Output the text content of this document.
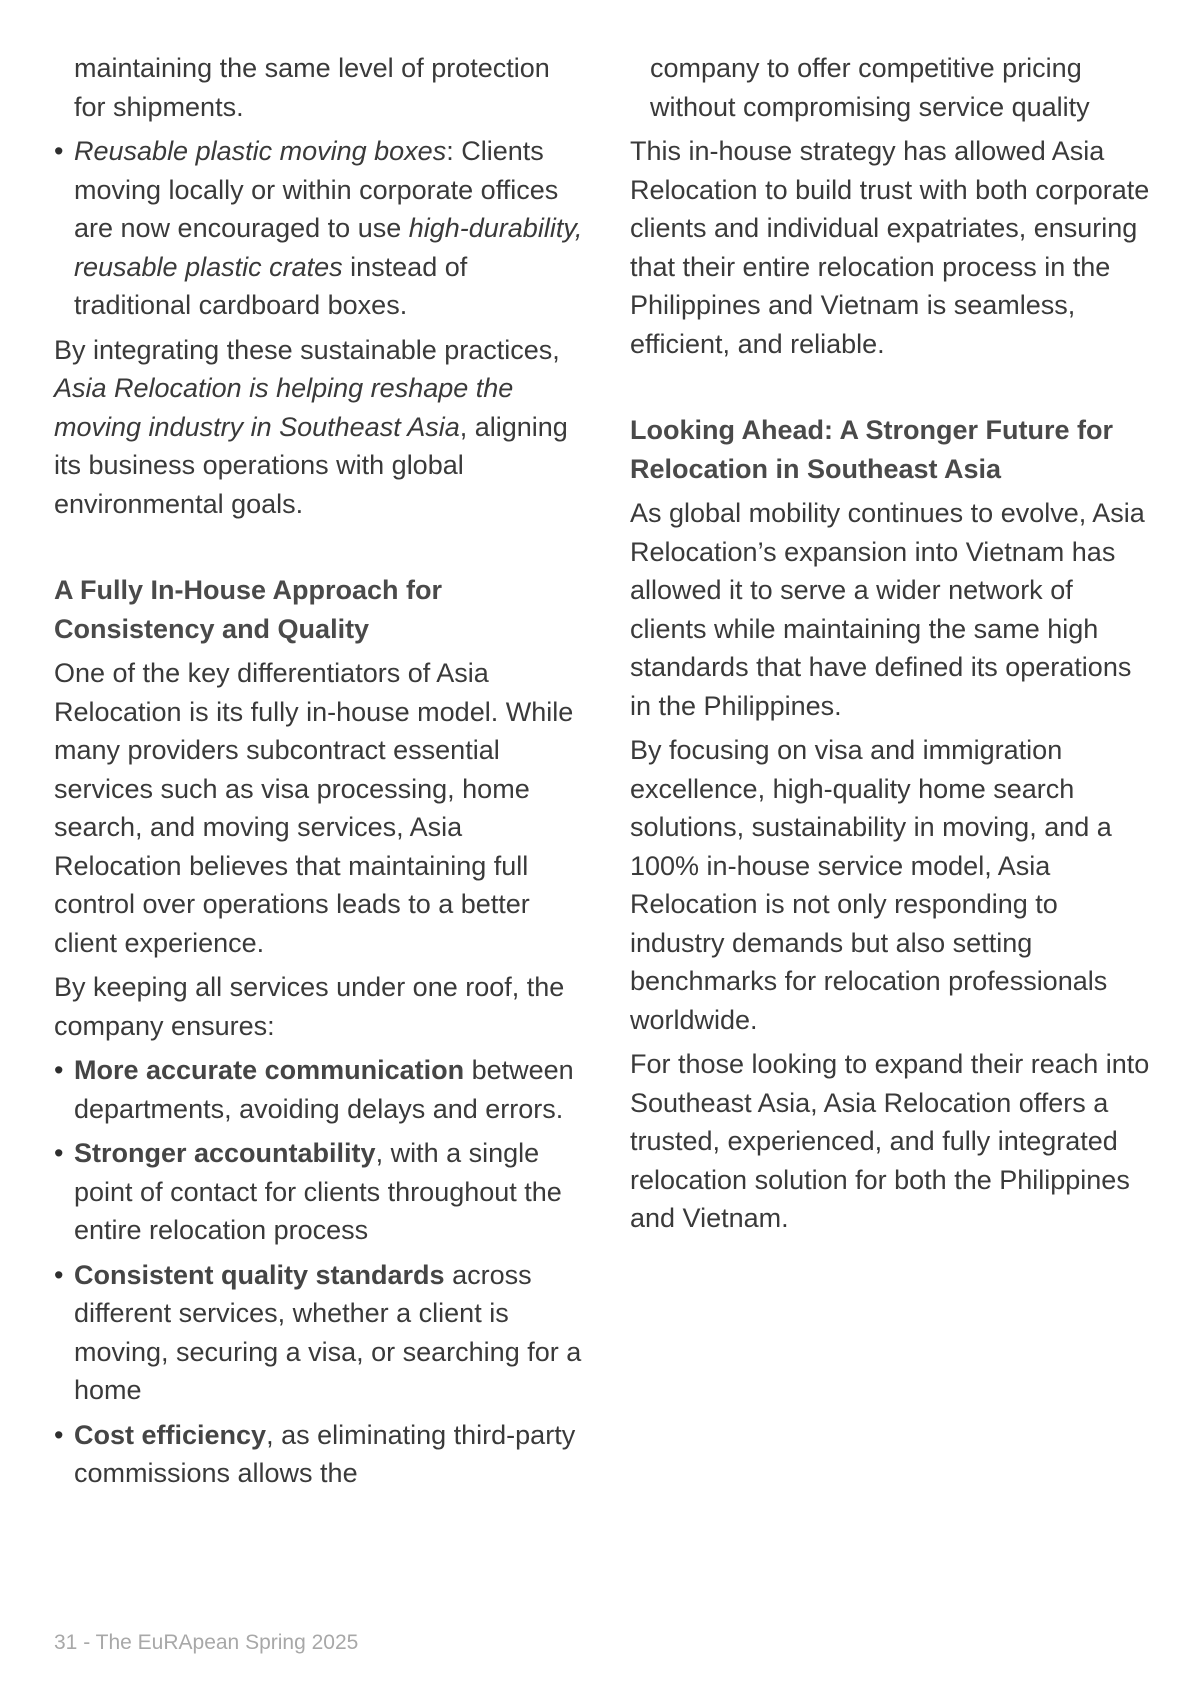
maintaining the same level of protection for shipments.

• Reusable plastic moving boxes: Clients moving locally or within corporate offices are now encouraged to use high-durability, reusable plastic crates instead of traditional cardboard boxes.

By integrating these sustainable practices, Asia Relocation is helping reshape the moving industry in Southeast Asia, aligning its business operations with global environmental goals.

A Fully In-House Approach for Consistency and Quality

One of the key differentiators of Asia Relocation is its fully in-house model. While many providers subcontract essential services such as visa processing, home search, and moving services, Asia Relocation believes that maintaining full control over operations leads to a better client experience.

By keeping all services under one roof, the company ensures:

• More accurate communication between departments, avoiding delays and errors.
• Stronger accountability, with a single point of contact for clients throughout the entire relocation process
• Consistent quality standards across different services, whether a client is moving, securing a visa, or searching for a home
• Cost efficiency, as eliminating third-party commissions allows the

company to offer competitive pricing without compromising service quality

This in-house strategy has allowed Asia Relocation to build trust with both corporate clients and individual expatriates, ensuring that their entire relocation process in the Philippines and Vietnam is seamless, efficient, and reliable.

Looking Ahead: A Stronger Future for Relocation in Southeast Asia

As global mobility continues to evolve, Asia Relocation’s expansion into Vietnam has allowed it to serve a wider network of clients while maintaining the same high standards that have defined its operations in the Philippines.

By focusing on visa and immigration excellence, high-quality home search solutions, sustainability in moving, and a 100% in-house service model, Asia Relocation is not only responding to industry demands but also setting benchmarks for relocation professionals worldwide.

For those looking to expand their reach into Southeast Asia, Asia Relocation offers a trusted, experienced, and fully integrated relocation solution for both the Philippines and Vietnam.

31 - The EuRApean Spring 2025
